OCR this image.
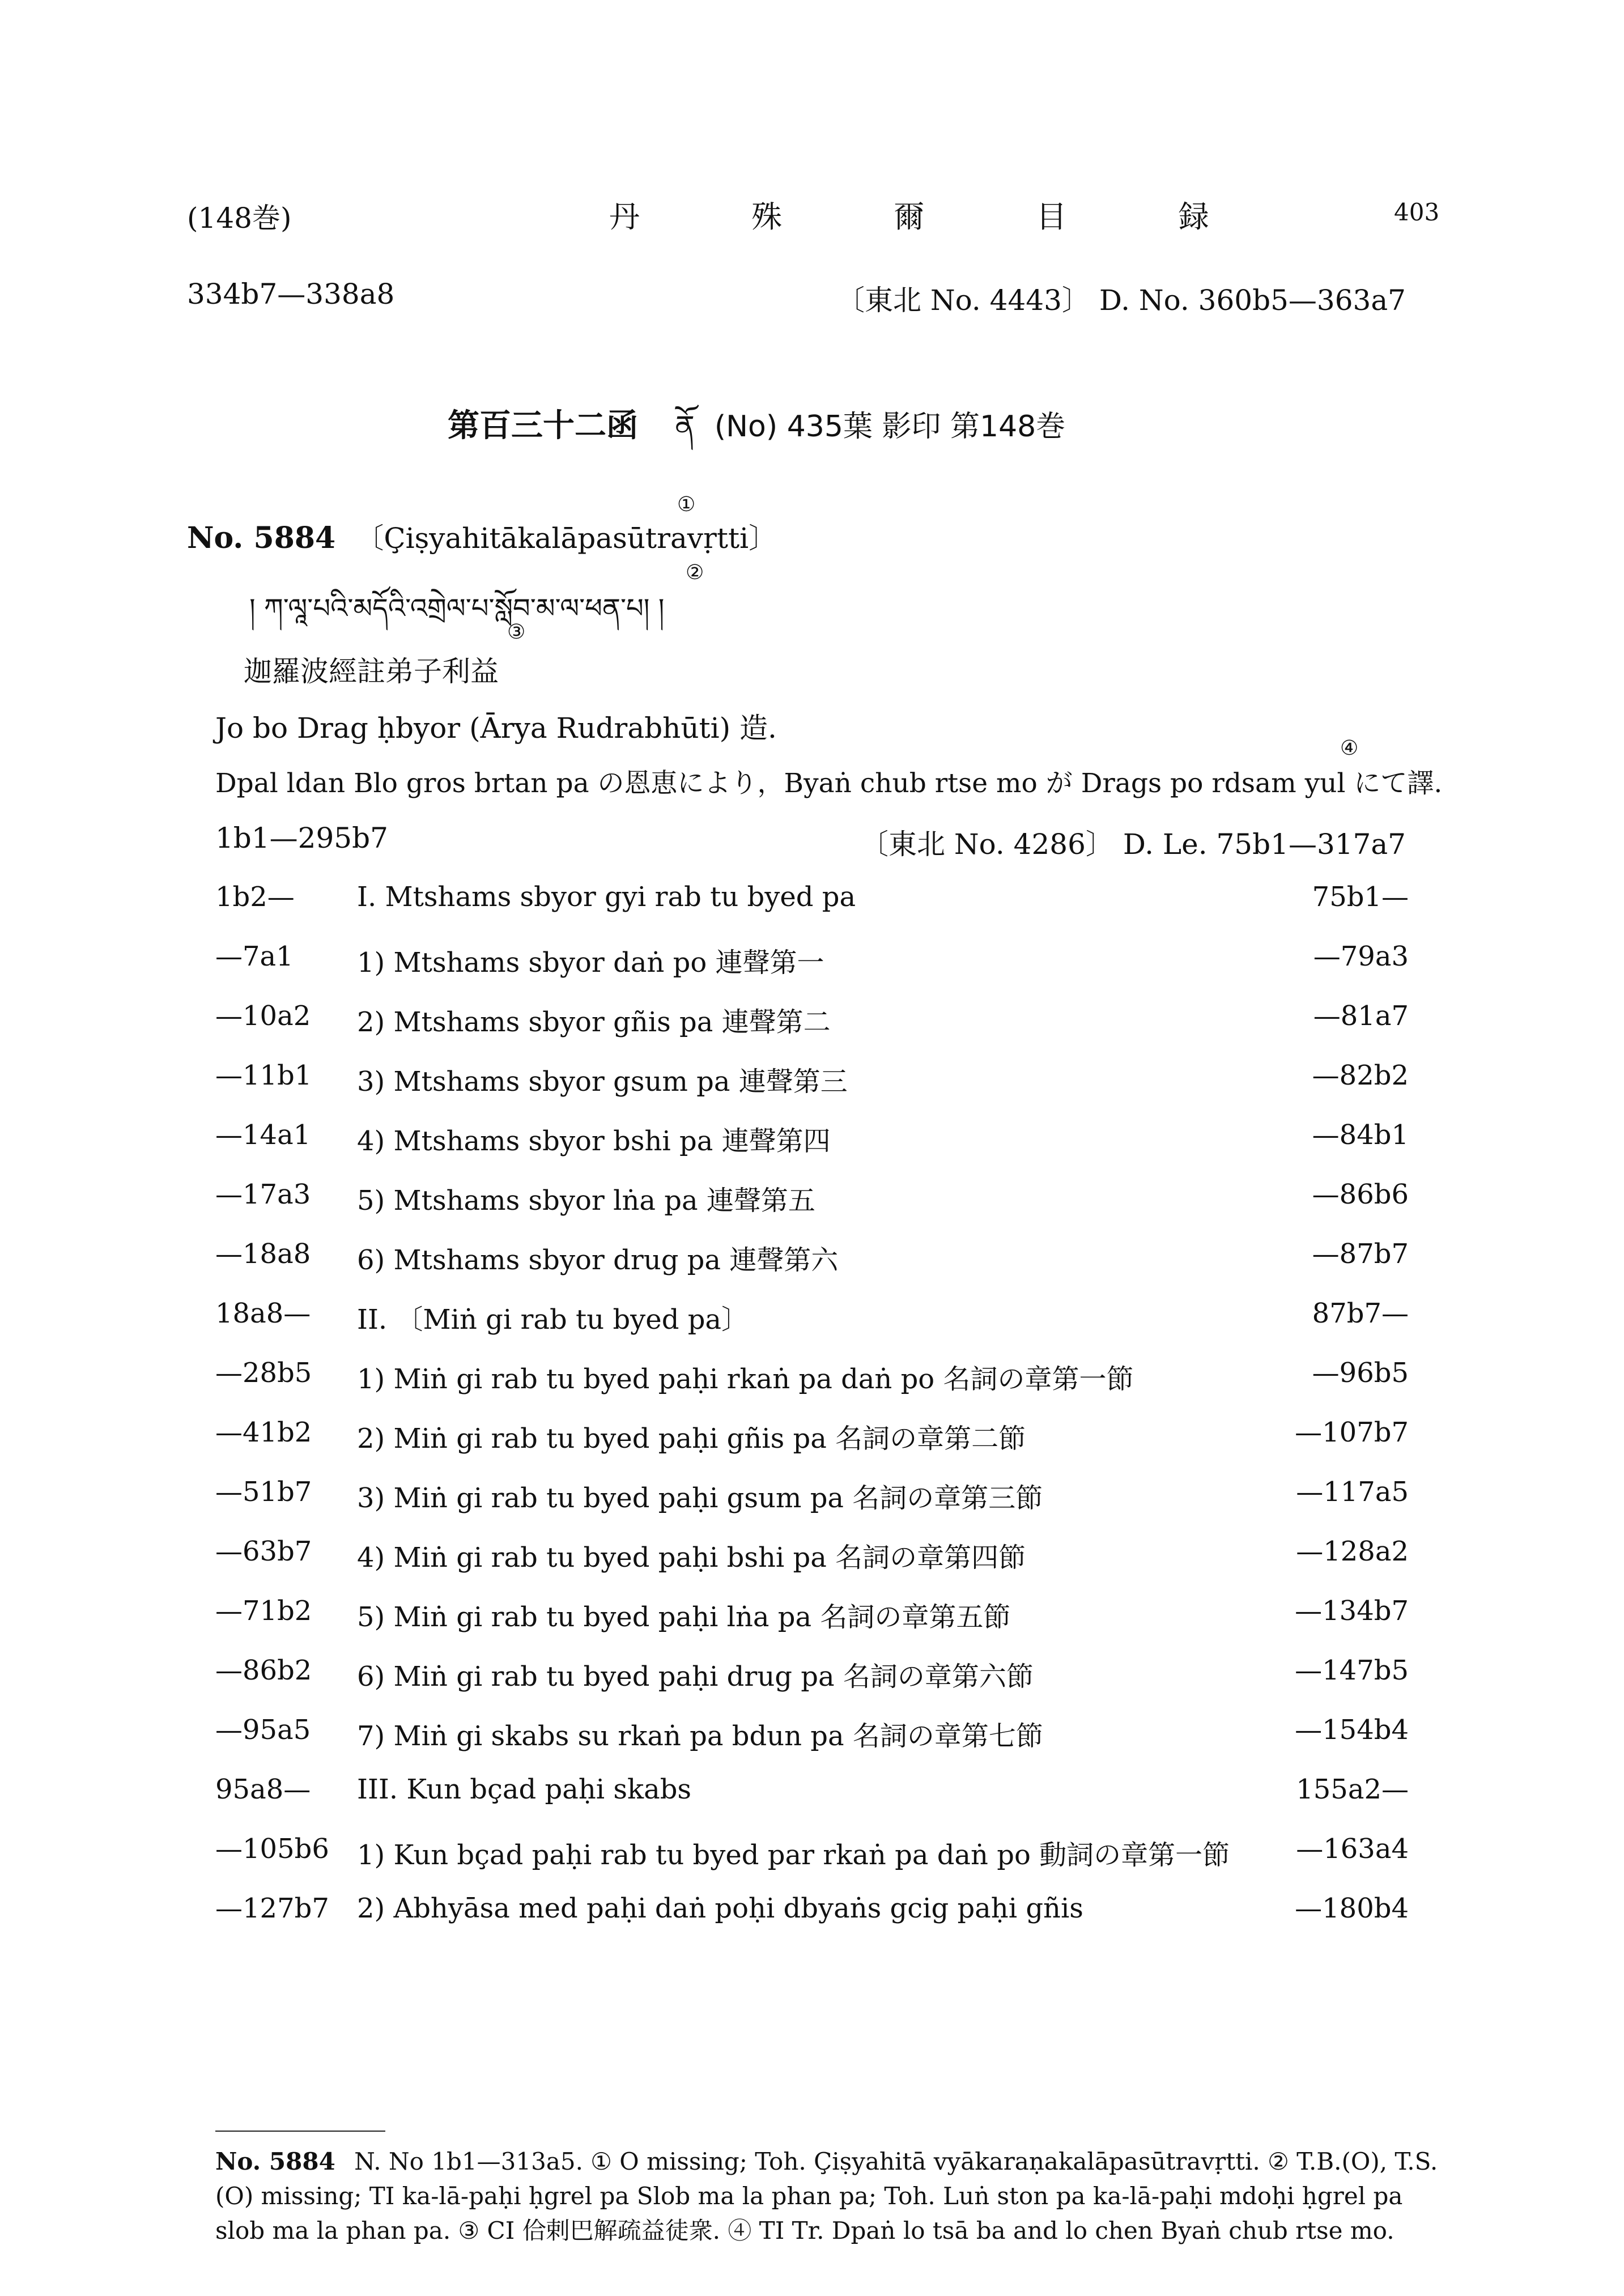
(148巻)	丹 殊 爾 目 録	403
334b7—338a8	〔東北 No. 4443〕 D. No. 360b5—363a7
第百三十二函 ནོ (No) 435葉 影印 第148巻
No. 5884 〔Çiṣyahitākalāpasūtravṛtti〕
①
། ཀ་ལཱ་པའི་མདོའི་འགྲེལ་པ་སློབ་མ་ལ་ཕན་པ། །
②
迦羅波經註弟子利益
③
Jo bo Drag ḥbyor (Ārya Rudrabhūti) 造.
Dpal ldan Blo gros brtan pa の恩恵により，Byaṅ chub rtse mo が Drags po rdsam yul にて譯.
④
1b1—295b7	〔東北 No. 4286〕 D. Le. 75b1—317a7
1b2— I. Mtshams sbyor gyi rab tu byed pa	75b1—
—7a1 1) Mtshams sbyor daṅ po 連聲第一	—79a3
—10a2 2) Mtshams sbyor gñis pa 連聲第二	—81a7
—11b1 3) Mtshams sbyor gsum pa 連聲第三	—82b2
—14a1 4) Mtshams sbyor bshi pa 連聲第四	—84b1
—17a3 5) Mtshams sbyor lṅa pa 連聲第五	—86b6
—18a8 6) Mtshams sbyor drug pa 連聲第六	—87b7
18a8— II. 〔Miṅ gi rab tu byed pa〕	87b7—
—28b5 1) Miṅ gi rab tu byed paḥi rkaṅ pa daṅ po 名詞の章第一節	—96b5
—41b2 2) Miṅ gi rab tu byed paḥi gñis pa 名詞の章第二節	—107b7
—51b7 3) Miṅ gi rab tu byed paḥi gsum pa 名詞の章第三節	—117a5
—63b7 4) Miṅ gi rab tu byed paḥi bshi pa 名詞の章第四節	—128a2
—71b2 5) Miṅ gi rab tu byed paḥi lṅa pa 名詞の章第五節	—134b7
—86b2 6) Miṅ gi rab tu byed paḥi drug pa 名詞の章第六節	—147b5
—95a5 7) Miṅ gi skabs su rkaṅ pa bdun pa 名詞の章第七節	—154b4
95a8— III. Kun bçad paḥi skabs	155a2—
—105b6 1) Kun bçad paḥi rab tu byed par rkaṅ pa daṅ po 動詞の章第一節 —163a4
—127b7 2) Abhyāsa med paḥi daṅ poḥi dbyaṅs gcig paḥi gñis	—180b4
No. 5884 N. No 1b1—313a5. ① O missing; Toh. Çiṣyahitā vyākaraṇakalāpasūtravṛtti. ② T.B.(O), T.S.(O) missing; TI ka-lā-paḥi ḥgrel pa Slob ma la phan pa; Toh. Luṅ ston pa ka-lā-paḥi mdoḥi ḥgrel pa slob ma la phan pa. ③ CI 佮剌巴解疏益徒衆. ④ TI Tr. Dpaṅ lo tsā ba and lo chen Byaṅ chub rtse mo.
